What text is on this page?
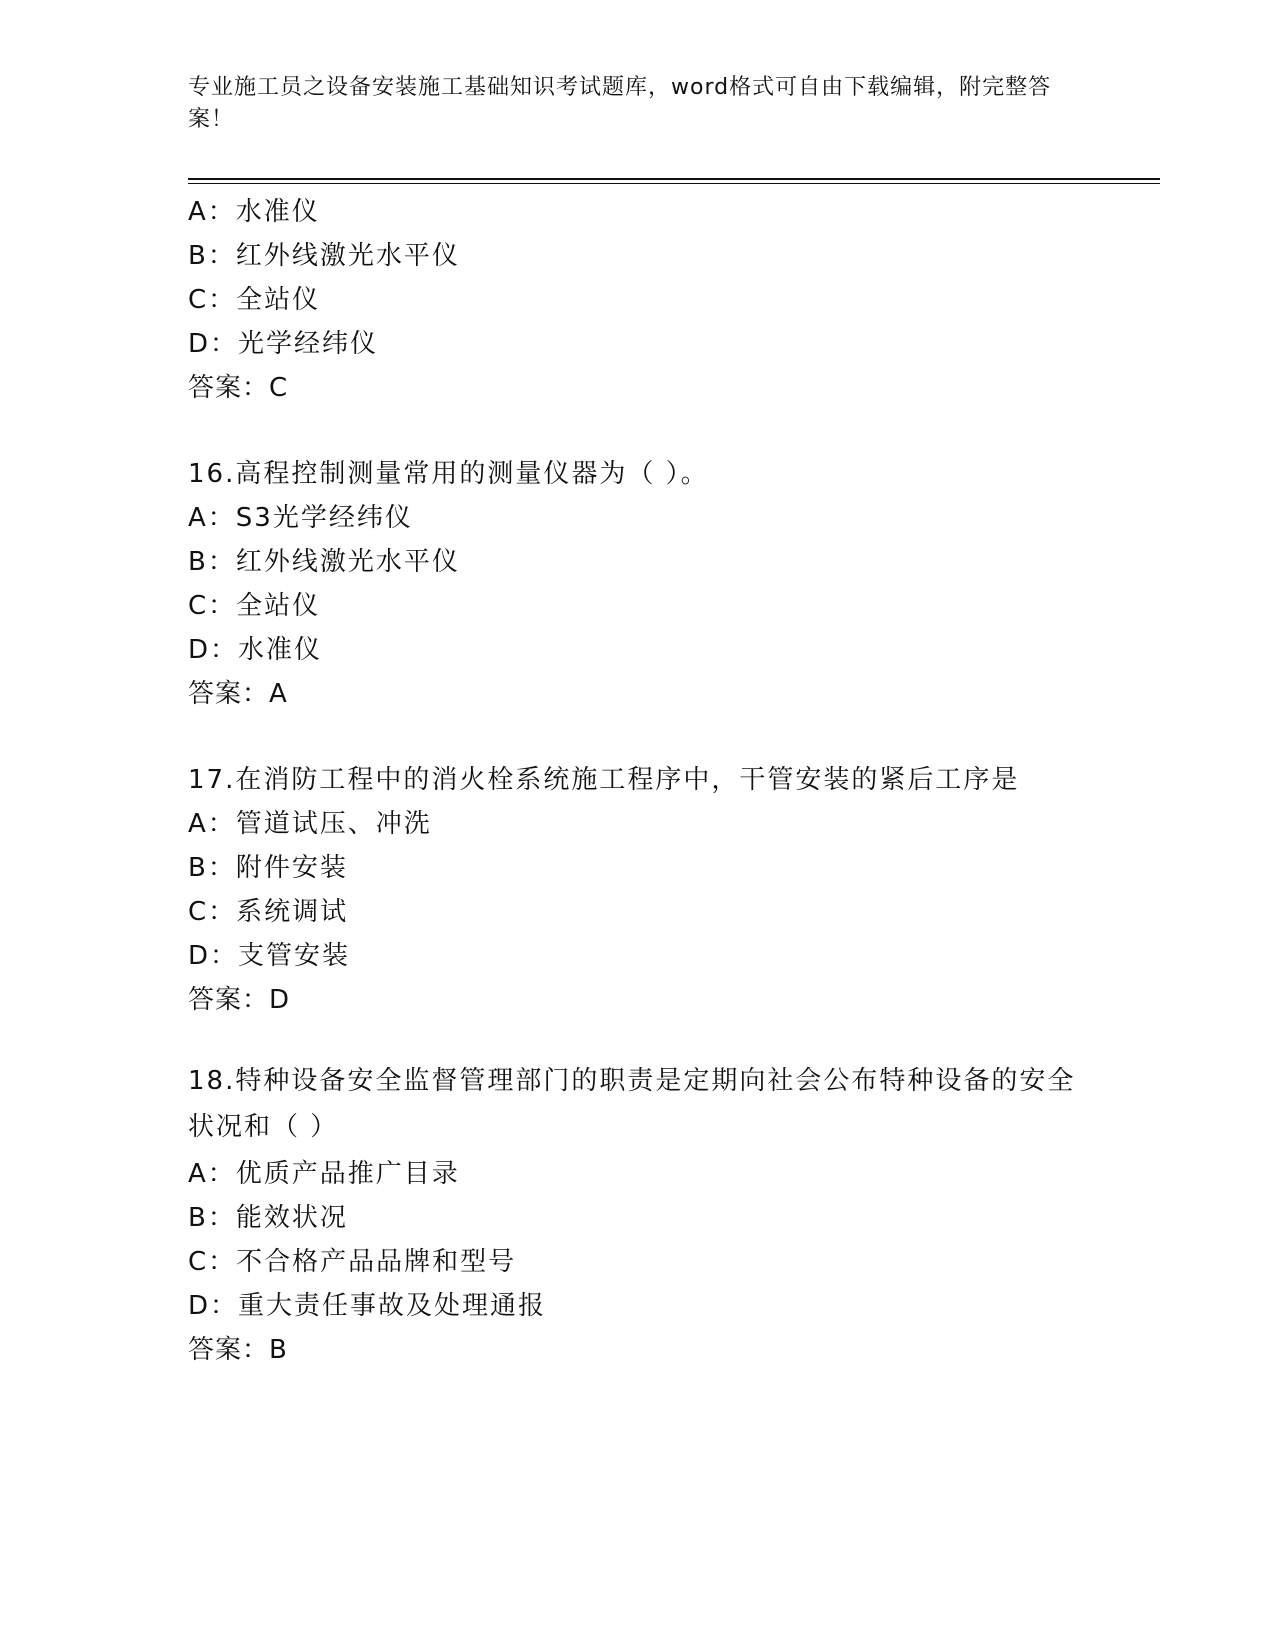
专业施工员之设备安装施工基础知识考试题库，word格式可自由下载编辑，附完整答案！
A：水准仪
B：红外线激光水平仪
C：全站仪
D：光学经纬仪
答案：C
16.高程控制测量常用的测量仪器为（ ）。
A：S3光学经纬仪
B：红外线激光水平仪
C：全站仪
D：水准仪
答案：A
17.在消防工程中的消火栓系统施工程序中，干管安装的紧后工序是
A：管道试压、冲洗
B：附件安装
C：系统调试
D：支管安装
答案：D
18.特种设备安全监督管理部门的职责是定期向社会公布特种设备的安全状况和（ ）
A：优质产品推广目录
B：能效状况
C：不合格产品品牌和型号
D：重大责任事故及处理通报
答案：B
